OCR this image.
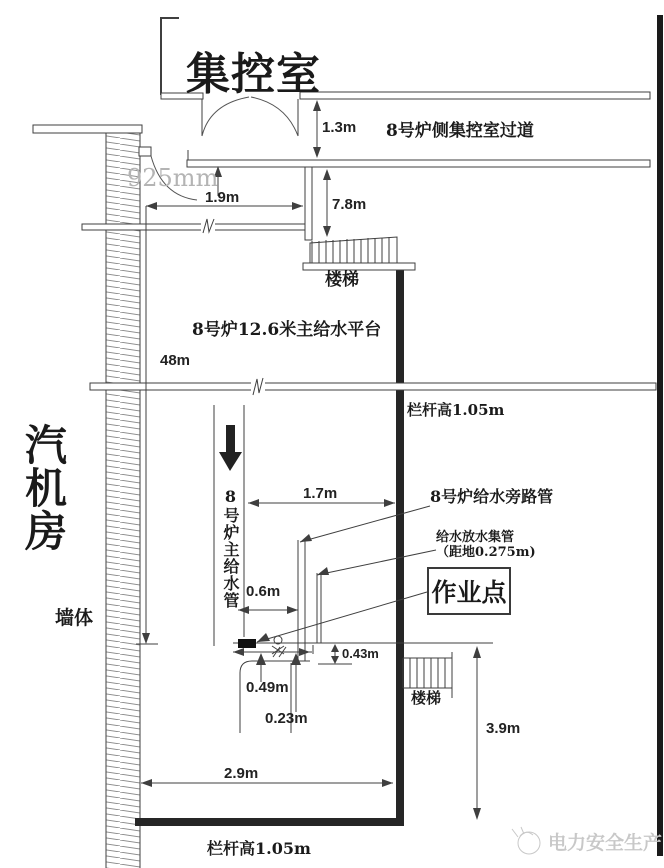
集控室
8号炉侧集控室过道
1.3m
925mm
1.9m	7.8m
楼梯
8号炉12.6米主给水平台
48m
栏杆高1.05m
汽机房	8号炉主给水管	1.7m	8号炉给水旁路管
给水放水集管
（距地0.275m)
0.6m	作业点
墙体
0.43m
0.49m
楼梯
0.23m
3.9m
2.9m
栏杆高1.05m	电力安全生产
